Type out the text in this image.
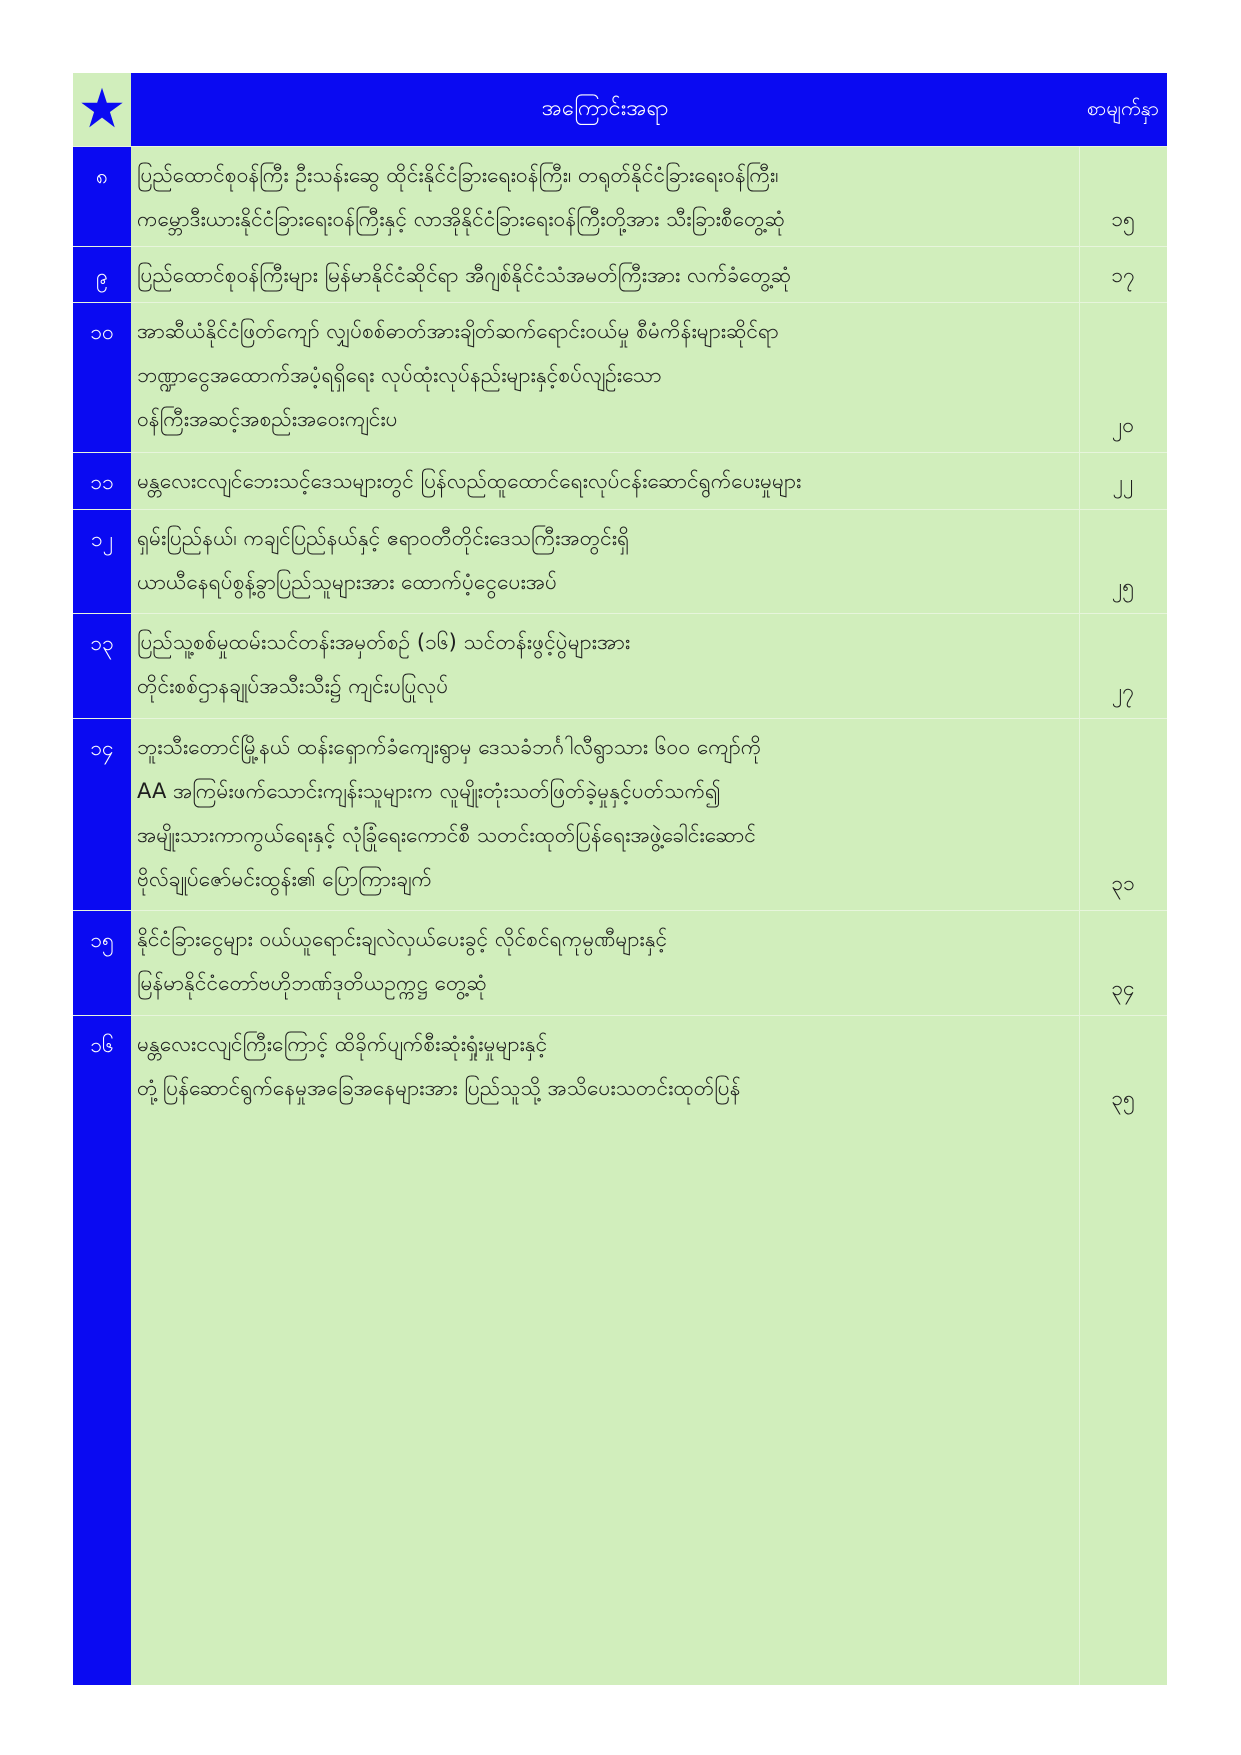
အကြောင်းအရာ	စာမျက်နှာ
၈	ပြည်ထောင်စုဝန်ကြီး ဦးသန်းဆွေ ထိုင်းနိုင်ငံခြားရေးဝန်ကြီး၊ တရုတ်နိုင်ငံခြားရေးဝန်ကြီး၊
ကမ္ဘောဒီးယားနိုင်ငံခြားရေးဝန်ကြီးနှင့် လာအိုနိုင်ငံခြားရေးဝန်ကြီးတို့အား သီးခြားစီတွေ့ဆုံ	၁၅
၉	ပြည်ထောင်စုဝန်ကြီးများ မြန်မာနိုင်ငံဆိုင်ရာ အီဂျစ်နိုင်ငံသံအမတ်ကြီးအား လက်ခံတွေ့ဆုံ	၁၇
၁၀	အာဆီယံနိုင်ငံဖြတ်ကျော် လျှပ်စစ်ဓာတ်အားချိတ်ဆက်ရောင်းဝယ်မှု စီမံကိန်းများဆိုင်ရာ
ဘဏ္ဍာငွေအထောက်အပံ့ရရှိရေး လုပ်ထုံးလုပ်နည်းများနှင့်စပ်လျဉ်းသော
ဝန်ကြီးအဆင့်အစည်းအဝေးကျင်းပ	၂၀
၁၁	မန္တလေးငလျင်ဘေးသင့်ဒေသများတွင် ပြန်လည်ထူထောင်ရေးလုပ်ငန်းဆောင်ရွက်ပေးမှုများ	၂၂
၁၂	ရှမ်းပြည်နယ်၊ ကချင်ပြည်နယ်နှင့် ဧရာဝတီတိုင်းဒေသကြီးအတွင်းရှိ
ယာယီနေရပ်စွန့်ခွာပြည်သူများအား ထောက်ပံ့ငွေပေးအပ်	၂၅
၁၃	ပြည်သူ့စစ်မှုထမ်းသင်တန်းအမှတ်စဉ် (၁၆) သင်တန်းဖွင့်ပွဲများအား
တိုင်းစစ်ဌာနချုပ်အသီးသီး၌ ကျင်းပပြုလုပ်	၂၇
၁၄	ဘူးသီးတောင်မြို့နယ် ထန်းရှောက်ခံကျေးရွာမှ ဒေသခံဘင်္ဂါလီရွာသား ၆၀၀ ကျော်ကို
AA အကြမ်းဖက်သောင်းကျန်းသူများက လူမျိုးတုံးသတ်ဖြတ်ခဲ့မှုနှင့်ပတ်သက်၍
အမျိုးသားကာကွယ်ရေးနှင့် လုံခြုံရေးကောင်စီ သတင်းထုတ်ပြန်ရေးအဖွဲ့ခေါင်းဆောင်
ဗိုလ်ချုပ်ဇော်မင်းထွန်း၏ ပြောကြားချက်	၃၁
၁၅	နိုင်ငံခြားငွေများ ဝယ်ယူရောင်းချလဲလှယ်ပေးခွင့် လိုင်စင်ရကုမ္ပဏီများနှင့်
မြန်မာနိုင်ငံတော်ဗဟိုဘဏ်ဒုတိယဥက္ကဋ္ဌ တွေ့ဆုံ	၃၄
၁၆	မန္တလေးငလျင်ကြီးကြောင့် ထိခိုက်ပျက်စီးဆုံးရှုံးမှုများနှင့်
တုံ့ပြန်ဆောင်ရွက်နေမှုအခြေအနေများအား ပြည်သူသို့ အသိပေးသတင်းထုတ်ပြန်	၃၅
